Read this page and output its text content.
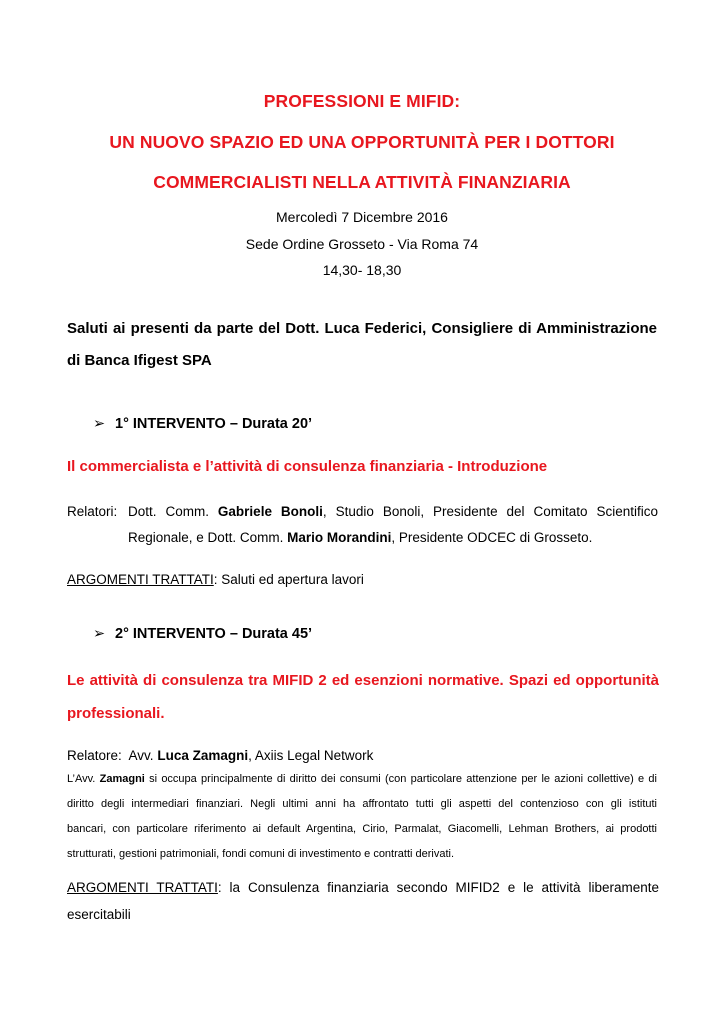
PROFESSIONI E MIFID:
UN NUOVO SPAZIO ED UNA OPPORTUNITÀ PER I DOTTORI
COMMERCIALISTI NELLA ATTIVITÀ FINANZIARIA
Mercoledì 7 Dicembre 2016
Sede Ordine Grosseto - Via Roma 74
14,30- 18,30
Saluti ai presenti da parte del Dott. Luca Federici, Consigliere di Amministrazione
di Banca Ifigest SPA
➢ 1° INTERVENTO – Durata 20’
Il commercialista e l’attività di consulenza finanziaria - Introduzione
Relatori: Dott. Comm. Gabriele Bonoli, Studio Bonoli, Presidente del Comitato Scientifico
Regionale, e Dott. Comm. Mario Morandini, Presidente ODCEC di Grosseto.
ARGOMENTI TRATTATI: Saluti ed apertura lavori
➢ 2° INTERVENTO – Durata 45’
Le attività di consulenza tra MIFID 2 ed esenzioni normative. Spazi ed opportunità
professionali.
Relatore: Avv. Luca Zamagni, Axiis Legal Network
L’Avv. Zamagni si occupa principalmente di diritto dei consumi (con particolare attenzione per le azioni collettive) e di
diritto degli intermediari finanziari. Negli ultimi anni ha affrontato tutti gli aspetti del contenzioso con gli istituti
bancari, con particolare riferimento ai default Argentina, Cirio, Parmalat, Giacomelli, Lehman Brothers, ai prodotti
strutturati, gestioni patrimoniali, fondi comuni di investimento e contratti derivati.
ARGOMENTI TRATTATI: la Consulenza finanziaria secondo MIFID2 e le attività liberamente
esercitabili
